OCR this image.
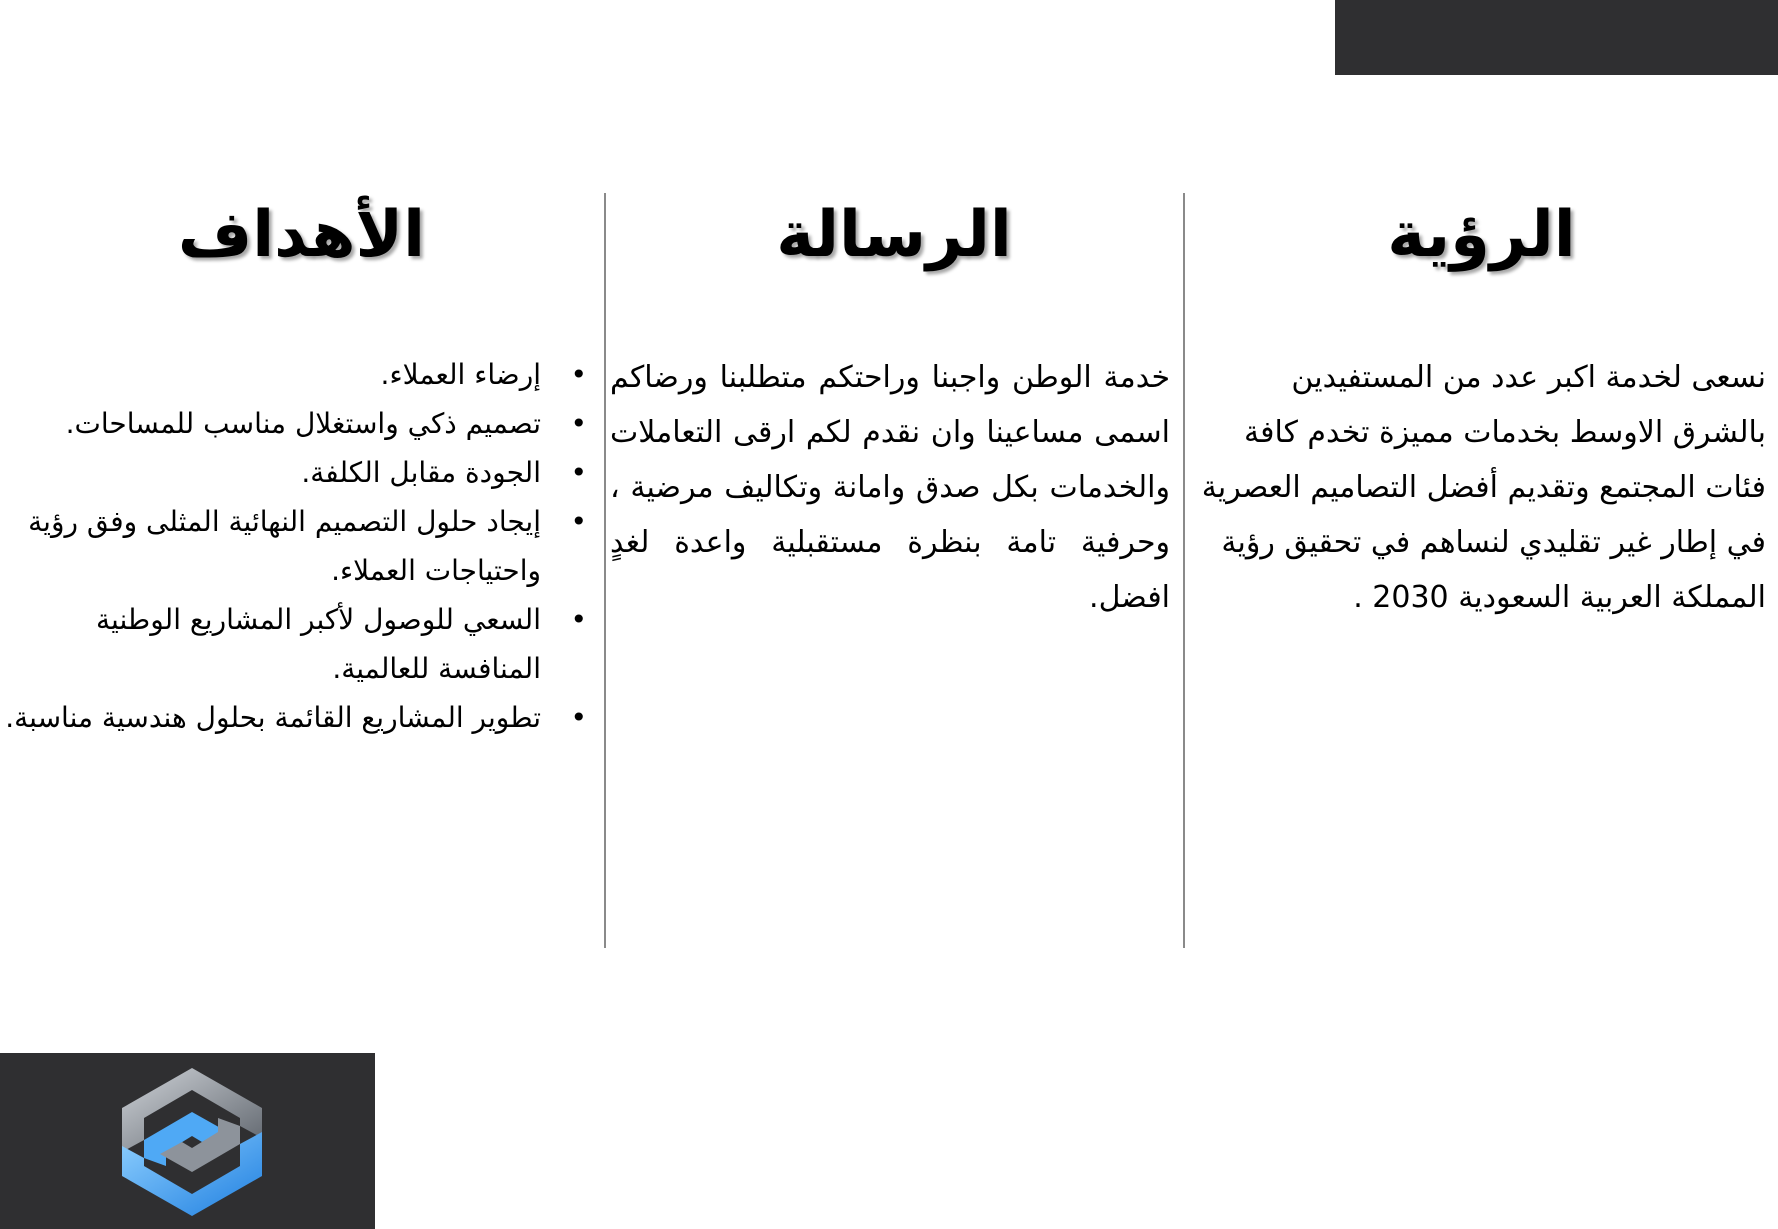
الرؤية
الرسالة
الأهداف

نسعى لخدمة اكبر عدد من المستفيدين بالشرق الاوسط بخدمات مميزة تخدم كافة فئات المجتمع وتقديم أفضل التصاميم العصرية في إطار غير تقليدي لنساهم في تحقيق رؤية المملكة العربية السعودية 2030 .

خدمة الوطن واجبنا وراحتكم متطلبنا ورضاكم اسمى مساعينا وان نقدم لكم ارقى التعاملات والخدمات بكل صدق وامانة وتكاليف مرضية ، وحرفية تامة بنظرة مستقبلية واعدة لغدٍ افضل.

• إرضاء العملاء.
• تصميم ذكي واستغلال مناسب للمساحات.
• الجودة مقابل الكلفة.
• إيجاد حلول التصميم النهائية المثلى وفق رؤية واحتياجات العملاء.
• السعي للوصول لأكبر المشاريع الوطنية المنافسة للعالمية.
• تطوير المشاريع القائمة بحلول هندسية مناسبة.
